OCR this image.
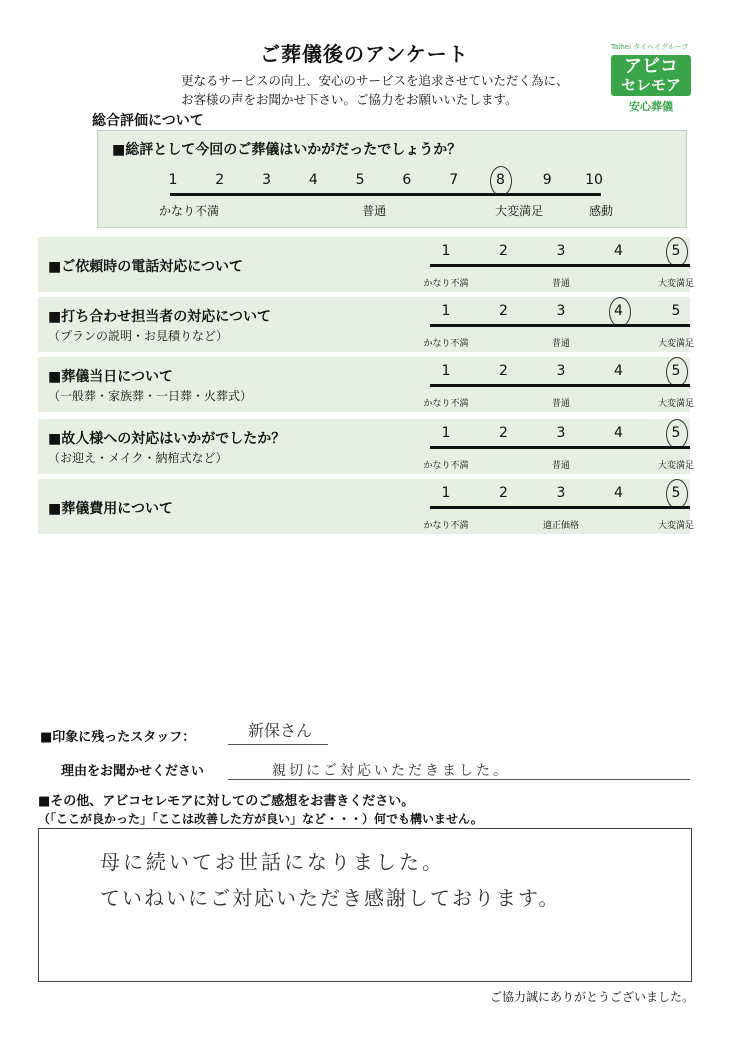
ご葬儀後のアンケート
更なるサービスの向上、安心のサービスを追求させていただく為に、
お客様の声をお聞かせ下さい。ご協力をお願いいたします。
Taihei タイヘイグループ
アビコ
セレモア
安心葬儀
総合評価について
■総評として今回のご葬儀はいかがだったでしょうか？
1	2	3	4	5	6	7	8	9 10
かなり不満	普通	大変満足	感動
■ご依頼時の電話対応について
1	2	3	4	5
かなり不満	普通	大変満足
■打ち合わせ担当者の対応について
（プランの説明・お見積りなど）
1	2	3	4	5
かなり不満	普通	大変満足
■葬儀当日について
（一般葬・家族葬・一日葬・火葬式）
1	2	3	4	5
かなり不満	普通	大変満足
■故人様への対応はいかがでしたか？
（お迎え・メイク・納棺式など）
1	2	3	4	5
かなり不満	普通	大変満足
■葬儀費用について
1	2	3	4	5
かなり不満	適正価格	大変満足
■印象に残ったスタッフ：	新保さん
理由をお聞かせください	親切にご対応いただきました。
■その他、アビコセレモアに対してのご感想をお書きください。
（「ここが良かった」「ここは改善した方が良い」など・・・）何でも構いません。
母に続いてお世話になりました。
ていねいにご対応いただき感謝しております。
ご協力誠にありがとうございました。
